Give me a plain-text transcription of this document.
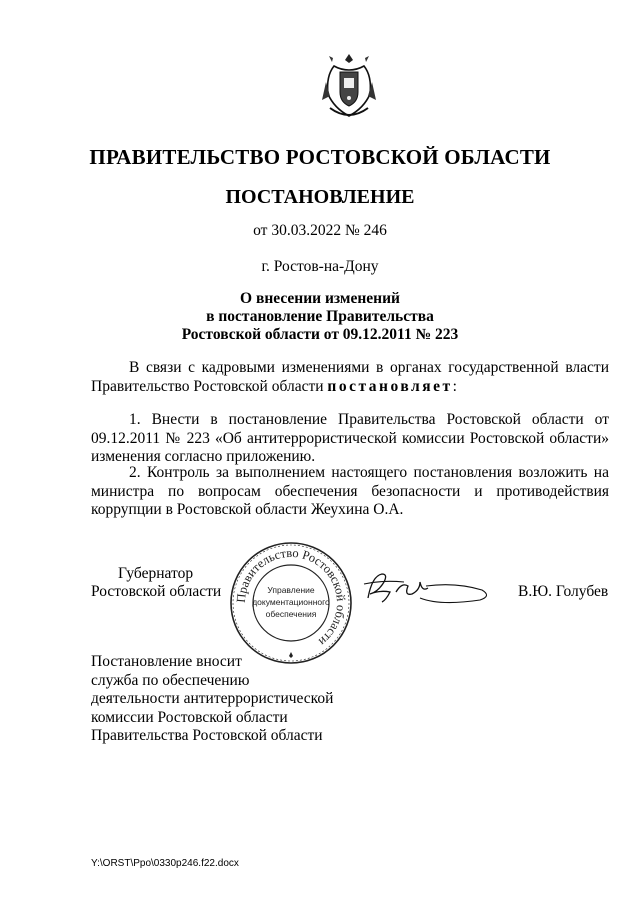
ПРАВИТЕЛЬСТВО РОСТОВСКОЙ ОБЛАСТИ
ПОСТАНОВЛЕНИЕ
от 30.03.2022 № 246
г. Ростов-на-Дону
О внесении изменений
в постановление Правительства
Ростовской области от 09.12.2011 № 223
В связи с кадровыми изменениями в органах государственной власти Правительство Ростовской области постановляет:
1. Внести в постановление Правительства Ростовской области от 09.12.2011 № 223 «Об антитеррористической комиссии Ростовской области» изменения согласно приложению.
2. Контроль за выполнением настоящего постановления возложить на министра по вопросам обеспечения безопасности и противодействия коррупции в Ростовской области Жеухина О.А.
Губернатор
Ростовской области Правительство Ростовской области
Управление
документационного
обеспечения
В.Ю. Голубев
Постановление вносит
служба по обеспечению
деятельности антитеррористической
комиссии Ростовской области
Правительства Ростовской области
Y:\ORST\Ppo\0330p246.f22.docx
